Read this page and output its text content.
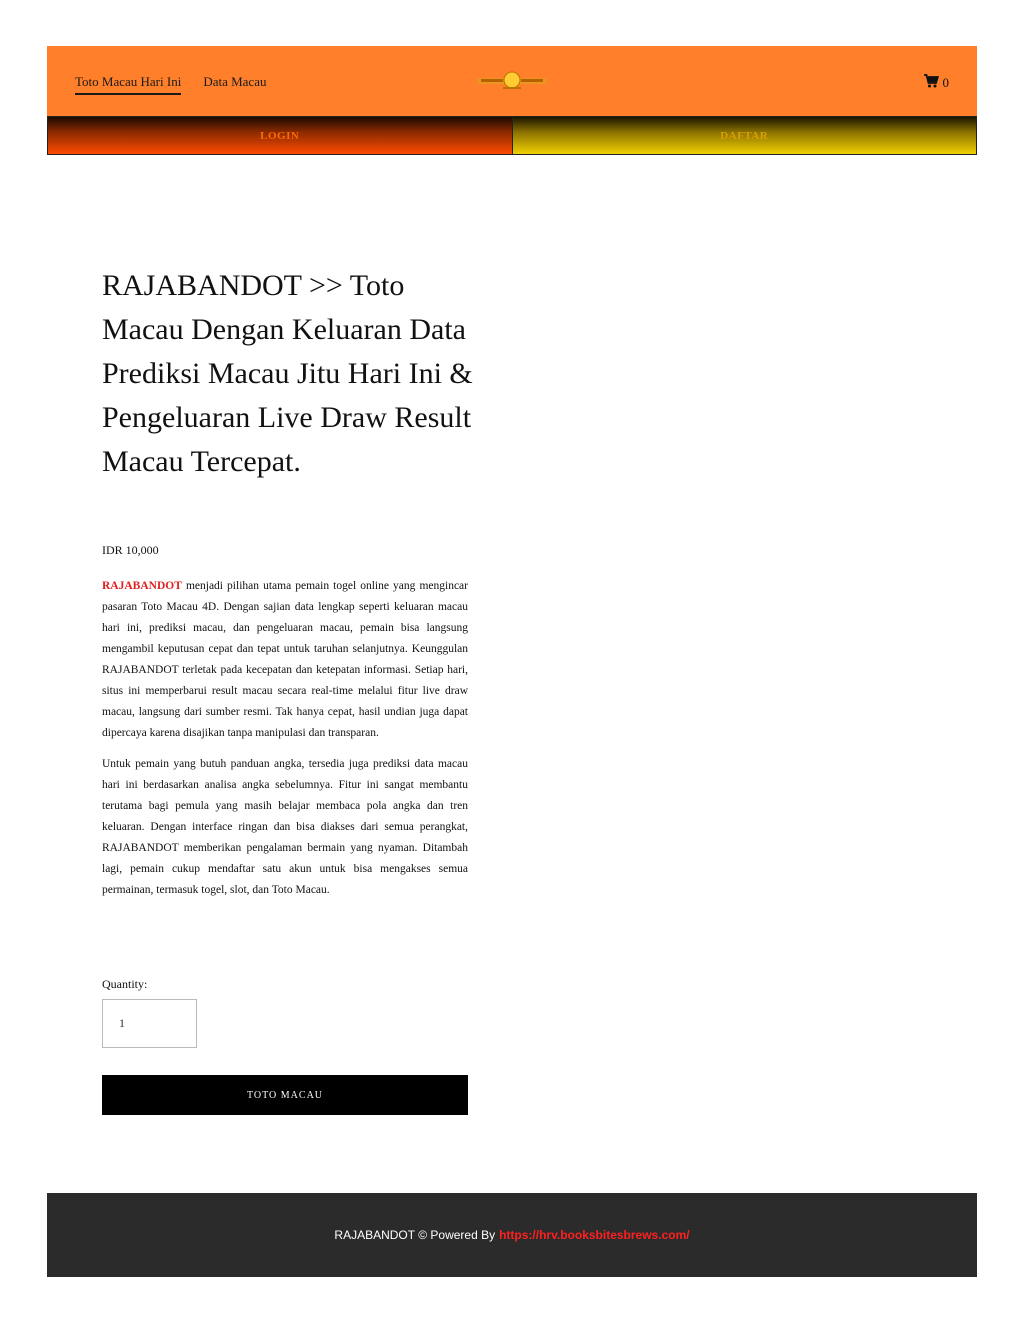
Toto Macau Hari Ini Data Macau	0
LOGIN	DAFTAR
RAJABANDOT >> Toto Macau Dengan Keluaran Data Prediksi Macau Jitu Hari Ini & Pengeluaran Live Draw Result Macau Tercepat.
IDR 10,000

RAJABANDOT menjadi pilihan utama pemain togel online yang mengincar pasaran Toto Macau 4D. Dengan sajian data lengkap seperti keluaran macau hari ini, prediksi macau, dan pengeluaran macau, pemain bisa langsung mengambil keputusan cepat dan tepat untuk taruhan selanjutnya. Keunggulan RAJABANDOT terletak pada kecepatan dan ketepatan informasi. Setiap hari, situs ini memperbarui result macau secara real-time melalui fitur live draw macau, langsung dari sumber resmi. Tak hanya cepat, hasil undian juga dapat dipercaya karena disajikan tanpa manipulasi dan transparan.

Untuk pemain yang butuh panduan angka, tersedia juga prediksi data macau hari ini berdasarkan analisa angka sebelumnya. Fitur ini sangat membantu terutama bagi pemula yang masih belajar membaca pola angka dan tren keluaran. Dengan interface ringan dan bisa diakses dari semua perangkat, RAJABANDOT memberikan pengalaman bermain yang nyaman. Ditambah lagi, pemain cukup mendaftar satu akun untuk bisa mengakses semua permainan, termasuk togel, slot, dan Toto Macau.

Quantity:
1
TOTO MACAU
RAJABANDOT © Powered By https://hrv.booksbitesbrews.com/
